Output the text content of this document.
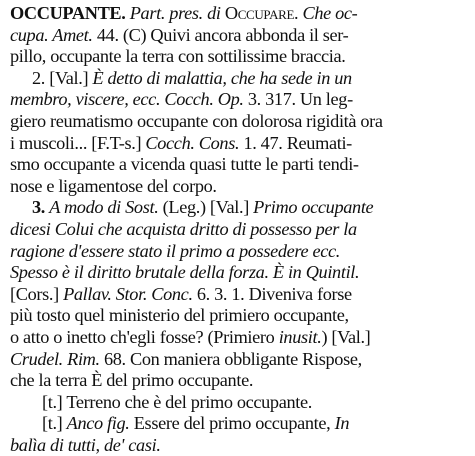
OCCUPANTE. Part. pres. di Occupare. Che oc-
cupa. Amet. 44. (C) Quivi ancora abbonda il ser-
pillo, occupante la terra con sottilissime braccia.
2. [Val.] È detto di malattia, che ha sede in un
membro, viscere, ecc. Cocch. Op. 3. 317. Un leg-
giero reumatismo occupante con dolorosa rigidità ora
i muscoli... [F.T-s.] Cocch. Cons. 1. 47. Reumati-
smo occupante a vicenda quasi tutte le parti tendi-
nose e ligamentose del corpo.
3. A modo di Sost. (Leg.) [Val.] Primo occupante
dicesi Colui che acquista dritto di possesso per la
ragione d'essere stato il primo a possedere ecc.
Spesso è il diritto brutale della forza. È in Quintil.
[Cors.] Pallav. Stor. Conc. 6. 3. 1. Diveniva forse
più tosto quel ministerio del primiero occupante,
o atto o inetto ch'egli fosse? (Primiero inusit.) [Val.]
Crudel. Rim. 68. Con maniera obbligante Rispose,
che la terra È del primo occupante.
[t.] Terreno che è del primo occupante.
[t.] Anco fig. Essere del primo occupante, In
balìa di tutti, de' casi.
